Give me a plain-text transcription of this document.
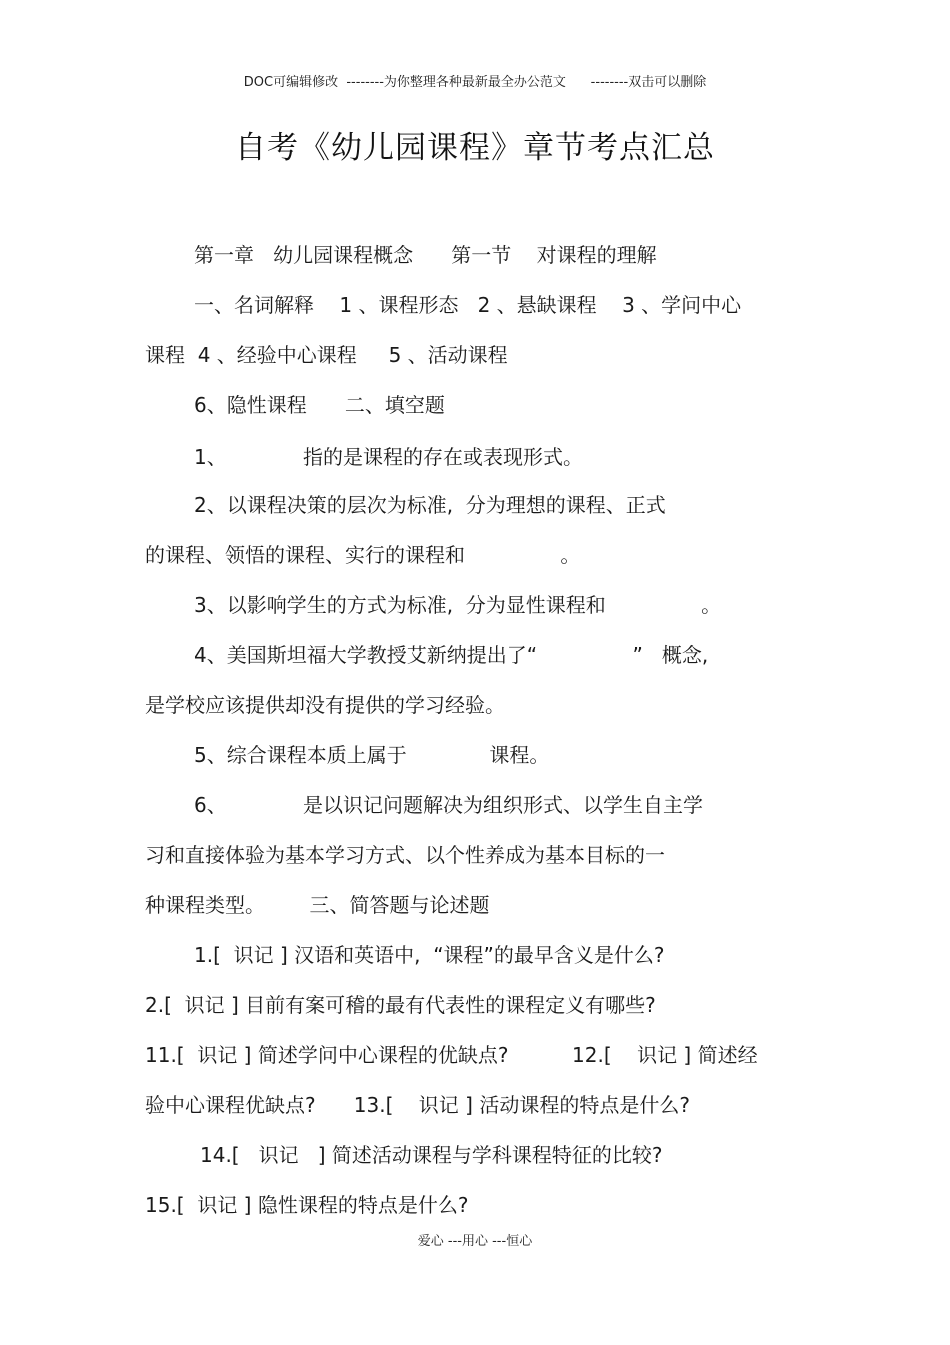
DOC可编辑修改  --------为你整理各种最新最全办公范文      --------双击可以删除
自考《幼儿园课程》章节考点汇总
第一章   幼儿园课程概念      第一节    对课程的理解
一、名词解释    1 、课程形态   2 、悬缺课程    3 、学问中心
课程  4 、经验中心课程     5 、活动课程
6、隐性课程      二、填空题
1、            指的是课程的存在或表现形式。
2、以课程决策的层次为标准,  分为理想的课程、正式
的课程、领悟的课程、实行的课程和               。
3、以影响学生的方式为标准,  分为显性课程和               。
4、美国斯坦福大学教授艾新纳提出了“               ”   概念,
是学校应该提供却没有提供的学习经验。
5、综合课程本质上属于             课程。
6、            是以识记问题解决为组织形式、以学生自主学
习和直接体验为基本学习方式、以个性养成为基本目标的一
种课程类型。       三、简答题与论述题
1.[  识记 ] 汉语和英语中,  “课程”的最早含义是什么?
2.[  识记 ] 目前有案可稽的最有代表性的课程定义有哪些?
11.[  识记 ] 简述学问中心课程的优缺点?          12.[    识记 ] 简述经
验中心课程优缺点?      13.[    识记 ] 活动课程的特点是什么?
14.[   识记   ] 简述活动课程与学科课程特征的比较?
15.[  识记 ] 隐性课程的特点是什么?
爱心 ---用心 ---恒心
